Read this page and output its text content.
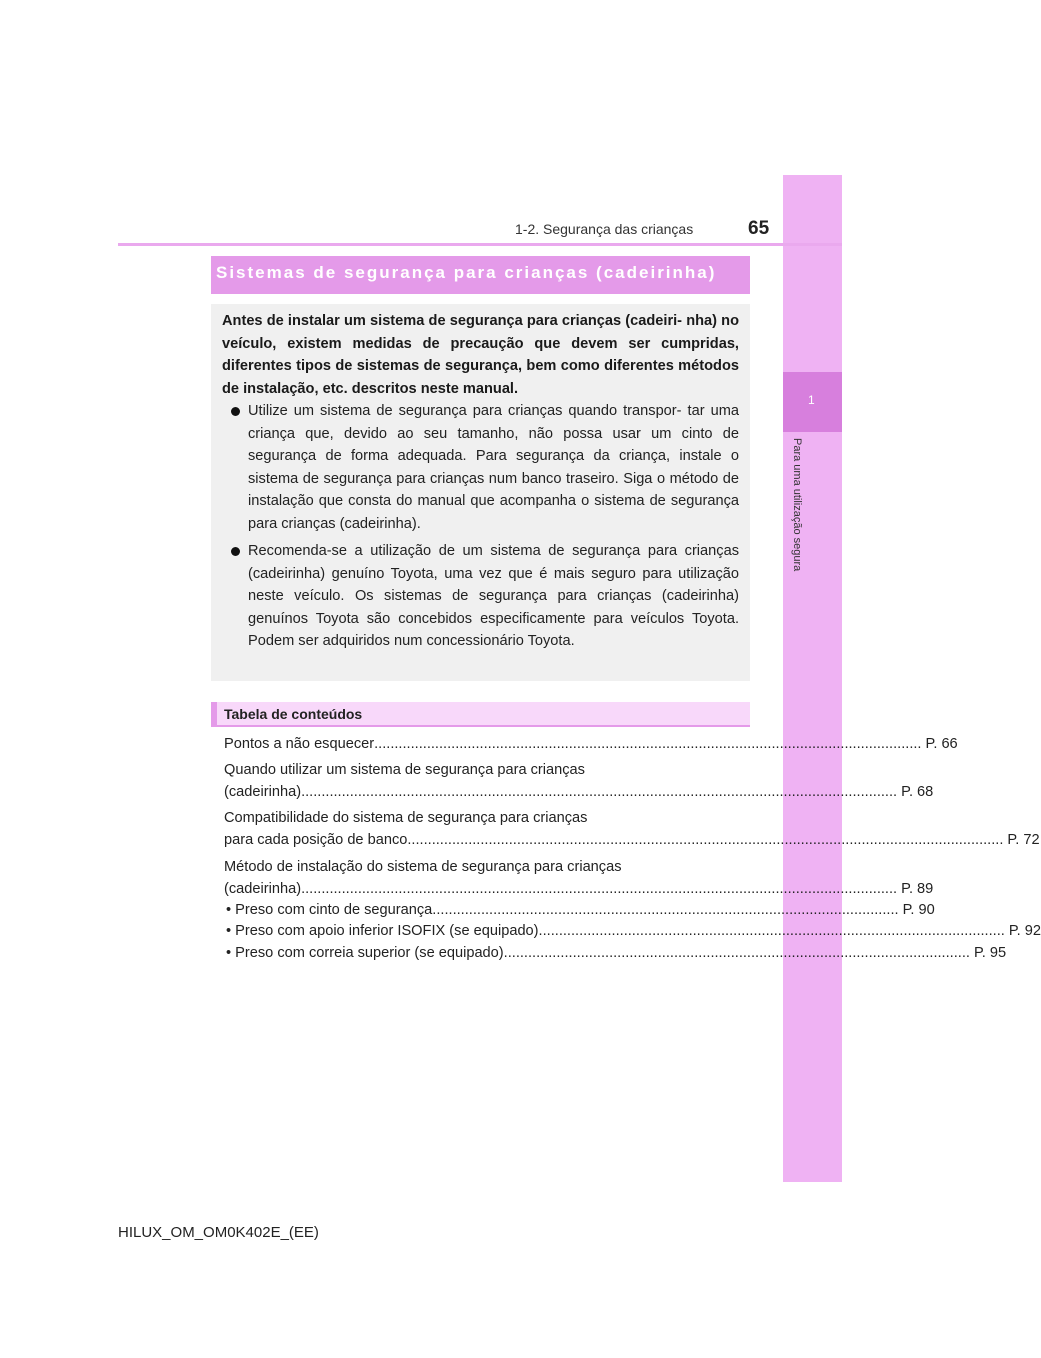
1
Para uma utilização segura
65
1-2. Segurança das crianças
Sistemas de segurança para crianças (cadeirinha)

Antes de instalar um sistema de segurança para crianças (cadeiri- nha) no veículo, existem medidas de precaução que devem ser cumpridas, diferentes tipos de sistemas de segurança, bem como diferentes métodos de instalação, etc. descritos neste manual.

Utilize um sistema de segurança para crianças quando transpor- tar uma criança que, devido ao seu tamanho, não possa usar um cinto de segurança de forma adequada. Para segurança da criança, instale o sistema de segurança para crianças num banco traseiro. Siga o método de instalação que consta do manual que acompanha o sistema de segurança para crianças (cadeirinha).
Recomenda-se a utilização de um sistema de segurança para crianças (cadeirinha) genuíno Toyota, uma vez que é mais seguro para utilização neste veículo. Os sistemas de segurança para crianças (cadeirinha) genuínos Toyota são concebidos especificamente para veículos Toyota. Podem ser adquiridos num concessionário Toyota.
Tabela de conteúdos
Pontos a não esquecer ....................................................................................................................................... P. 66
Quando utilizar um sistema de segurança para crianças
(cadeirinha) ................................................................................................................................................... P. 68
Compatibilidade do sistema de segurança para crianças
para cada posição de banco ................................................................................................................................................... P. 72
Método de instalação do sistema de segurança para crianças
(cadeirinha) ................................................................................................................................................... P. 89
• Preso com cinto de segurança ................................................................................................................... P. 90
• Preso com apoio inferior ISOFIX (se equipado) ................................................................................................................... P. 92
• Preso com correia superior (se equipado) ................................................................................................................... P. 95
HILUX_OM_OM0K402E_(EE)
